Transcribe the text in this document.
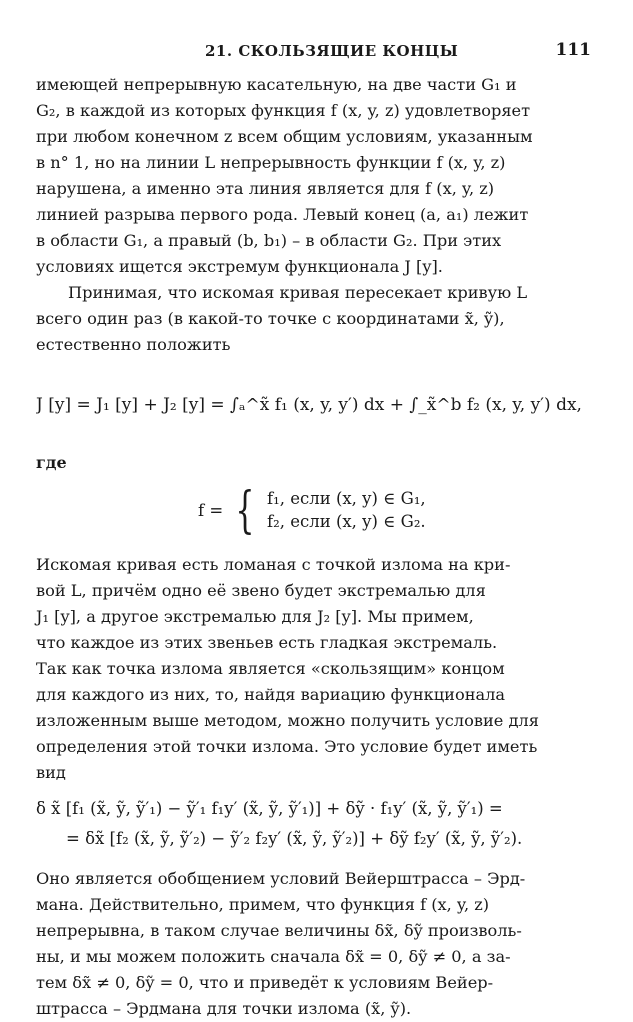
21. СКОЛЬЗЯЩИЕ КОНЦЫ	111

имеющей непрерывную касательную, на две части G₁ и

G₂, в каждой из которых функция f (x, y, z) удовлетворяет

при любом конечном z всем общим условиям, указанным

в n° 1, но на линии L непрерывность функции f (x, y, z)

нарушена, а именно эта линия является для f (x, y, z)

линией разрыва первого рода. Левый конец (a, a₁) лежит

в области G₁, а правый (b, b₁) – в области G₂. При этих

условиях ищется экстремум функционала J [y].

Принимая, что искомая кривая пересекает кривую L

всего один раз (в какой-то точке с координатами x̃, ỹ),

естественно положить

J [y] = J₁ [y] + J₂ [y] = ∫ₐ^x̃ f₁ (x, y, y′) dx + ∫_x̃^b f₂ (x, y, y′) dx,

где

f = { f₁, если (x, y) ∈ G₁,
f₂, если (x, y) ∈ G₂.

Искомая кривая есть ломаная с точкой излома на кри-

вой L, причём одно её звено будет экстремалью для

J₁ [y], а другое экстремалью для J₂ [y]. Мы примем,

что каждое из этих звеньев есть гладкая экстремаль.

Так как точка излома является «скользящим» концом

для каждого из них, то, найдя вариацию функционала

изложенным выше методом, можно получить условие для

определения этой точки излома. Это условие будет иметь

вид

δ x̃ [f₁ (x̃, ỹ, ỹ′₁) − ỹ′₁ f₁y′ (x̃, ỹ, ỹ′₁)] + δỹ · f₁y′ (x̃, ỹ, ỹ′₁) =

= δx̃ [f₂ (x̃, ỹ, ỹ′₂) − ỹ′₂ f₂y′ (x̃, ỹ, ỹ′₂)] + δỹ f₂y′ (x̃, ỹ, ỹ′₂).

Оно является обобщением условий Вейерштрасса – Эрд-

мана. Действительно, примем, что функция f (x, y, z)

непрерывна, в таком случае величины δx̃, δỹ произволь-

ны, и мы можем положить сначала δx̃ = 0, δỹ ≠ 0, а за-

тем δx̃ ≠ 0, δỹ = 0, что и приведёт к условиям Вейер-

штрасса – Эрдмана для точки излома (x̃, ỹ).
